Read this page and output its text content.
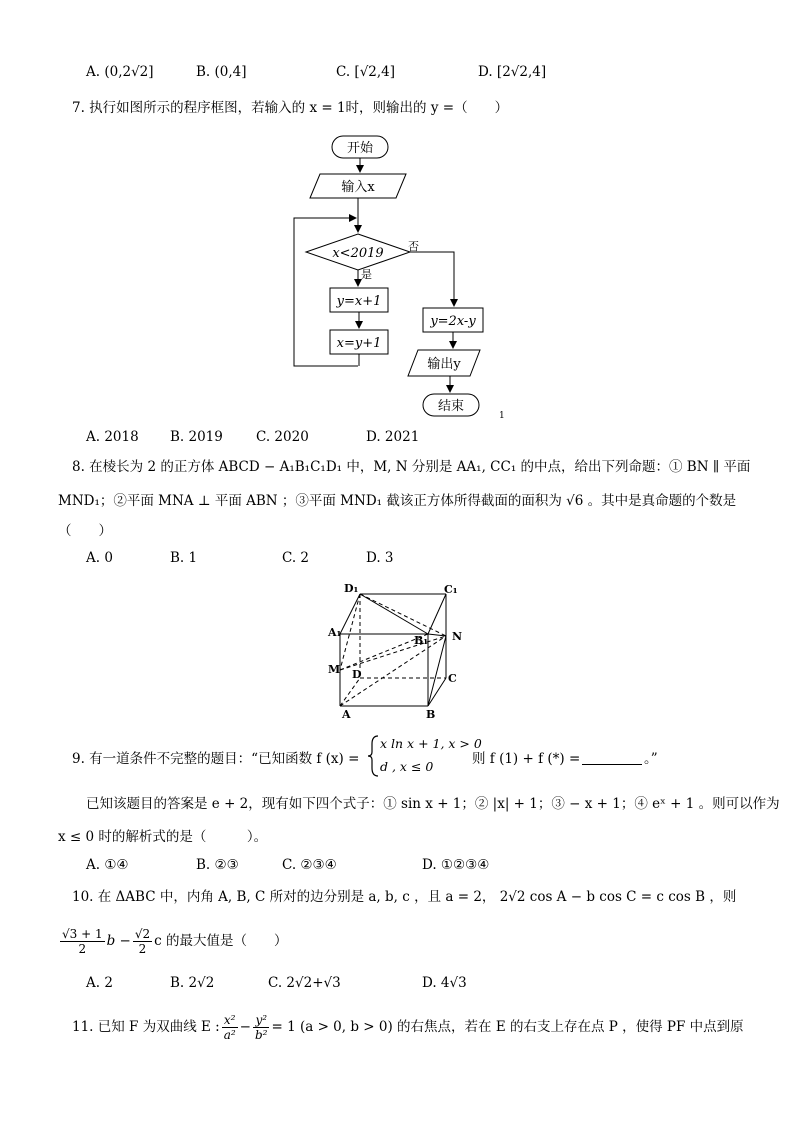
A. (0,2√2]	B. (0,4]	C. [√2,4]	D. [2√2,4]
7. 执行如图所示的程序框图，若输入的 x = 1时，则输出的 y =（　　）
开始
输入x
x<2019 否
是
y=x+1
x=y+1
y=2x-y
输出y
结束
1
A. 2018 B. 2019 C. 2020	D. 2021
8. 在棱长为 2 的正方体 ABCD − A₁B₁C₁D₁ 中，M, N 分别是 AA₁, CC₁ 的中点，给出下列命题：① BN ∥ 平面
MND₁；②平面 MNA ⊥ 平面 ABN ；③平面 MND₁ 截该正方体所得截面的面积为 √6 。其中是真命题的个数是
（　　）
A. 0	B. 1	C. 2	D. 3
D₁	C₁
A₁
B₁ N
M D	C
A	B
9. 有一道条件不完整的题目：“已知函数 f (x) =
x ln x + 1, x > 0
d , x ≤ 0	则 f (1) + f (*) =	。”
已知该题目的答案是 e + 2，现有如下四个式子：① sin x + 1；② |x| + 1；③ − x + 1；④ eˣ + 1 。则可以作为
x ≤ 0 时的解析式的是（　　　）。
A. ①④	B. ②③	C. ②③④	D. ①②③④
10. 在 ΔABC 中，内角 A, B, C 所对的边分别是 a, b, c ，且 a = 2， 2√2 cos A − b cos C = c cos B ，则
$\frac{√3 + 1}{2}$ $b - \frac{√2}{2}$ c 的最大值是（　　）
A. 2	B. 2√2	C. 2√2+√3	D. 4√3
11. 已知 F 为双曲线 E : $\frac{\text{x²}}{\text{a²}} - \frac{\text{y²}}{\text{b²}} = 1$ (a > 0, b > 0) 的右焦点，若在 E 的右支上存在点 P ，使得 PF 中点到原
